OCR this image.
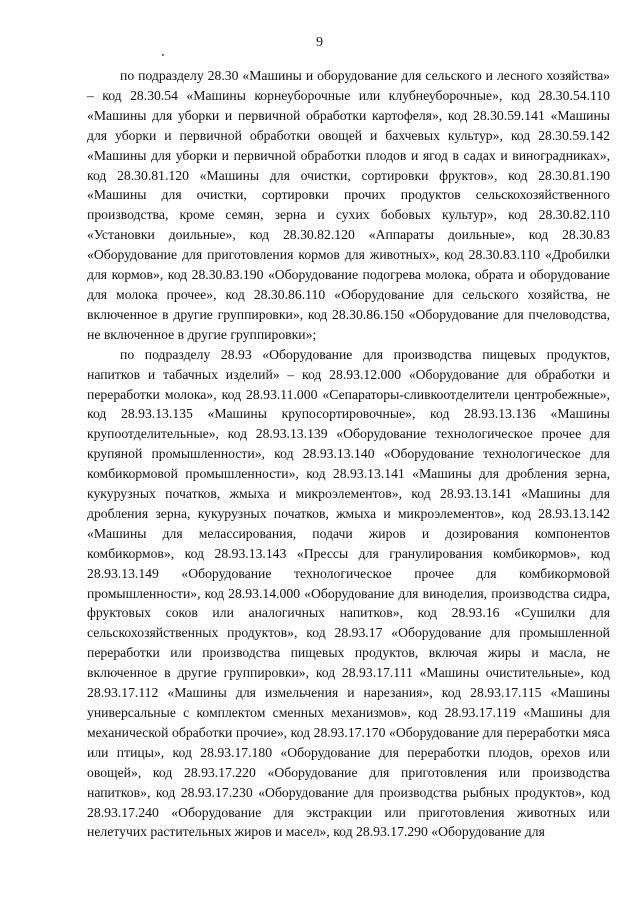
9

по подразделу 28.30 «Машины и оборудование для сельского и лесного хозяйства» – код 28.30.54 «Машины корнеуборочные или клубнеуборочные», код 28.30.54.110 «Машины для уборки и первичной обработки картофеля», код 28.30.59.141 «Машины для уборки и первичной обработки овощей и бахчевых культур», код 28.30.59.142 «Машины для уборки и первичной обработки плодов и ягод в садах и виноградниках», код 28.30.81.120 «Машины для очистки, сортировки фруктов», код 28.30.81.190 «Машины для очистки, сортировки прочих продуктов сельскохозяйственного производства, кроме семян, зерна и сухих бобовых культур», код 28.30.82.110 «Установки доильные», код 28.30.82.120 «Аппараты доильные», код 28.30.83 «Оборудование для приготовления кормов для животных», код 28.30.83.110 «Дробилки для кормов», код 28.30.83.190 «Оборудование подогрева молока, обрата и оборудование для молока прочее», код 28.30.86.110 «Оборудование для сельского хозяйства, не включенное в другие группировки», код 28.30.86.150 «Оборудование для пчеловодства, не включенное в другие группировки»;

по подразделу 28.93 «Оборудование для производства пищевых продуктов, напитков и табачных изделий» – код 28.93.12.000 «Оборудование для обработки и переработки молока», код 28.93.11.000 «Сепараторы-сливкоотделители центробежные», код 28.93.13.135 «Машины крупосортировочные», код 28.93.13.136 «Машины крупоотделительные», код 28.93.13.139 «Оборудование технологическое прочее для крупяной промышленности», код 28.93.13.140 «Оборудование технологическое для комбикормовой промышленности», код 28.93.13.141 «Машины для дробления зерна, кукурузных початков, жмыха и микроэлементов», код 28.93.13.141 «Машины для дробления зерна, кукурузных початков, жмыха и микроэлементов», код 28.93.13.142 «Машины для меласcирования, подачи жиров и дозирования компонентов комбикормов», код 28.93.13.143 «Прессы для гранулирования комбикормов», код 28.93.13.149 «Оборудование технологическое прочее для комбикормовой промышленности», код 28.93.14.000 «Оборудование для виноделия, производства сидра, фруктовых соков или аналогичных напитков», код 28.93.16 «Сушилки для сельскохозяйственных продуктов», код 28.93.17 «Оборудование для промышленной переработки или производства пищевых продуктов, включая жиры и масла, не включенное в другие группировки», код 28.93.17.111 «Машины очистительные», код 28.93.17.112 «Машины для измельчения и нарезания», код 28.93.17.115 «Машины универсальные с комплектом сменных механизмов», код 28.93.17.119 «Машины для механической обработки прочие», код 28.93.17.170 «Оборудование для переработки мяса или птицы», код 28.93.17.180 «Оборудование для переработки плодов, орехов или овощей», код 28.93.17.220 «Оборудование для приготовления или производства напитков», код 28.93.17.230 «Оборудование для производства рыбных продуктов», код 28.93.17.240 «Оборудование для экстракции или приготовления животных или нелетучих растительных жиров и масел», код 28.93.17.290 «Оборудование для
